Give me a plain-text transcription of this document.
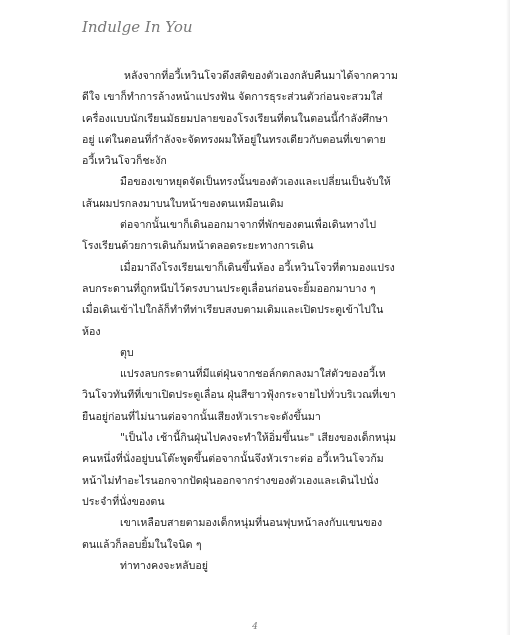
Indulge In You
หลังจากที่อวี้เหวินโจวดึงสติของตัวเองกลับคืนมาได้จากความ
ดีใจ เขาก็ทำการล้างหน้าแปรงฟัน จัดการธุระส่วนตัวก่อนจะสวมใส่
เครื่องแบบนักเรียนมัธยมปลายของโรงเรียนที่ตนในตอนนี้กำลังศึกษา
อยู่ แต่ในตอนที่กำลังจะจัดทรงผมให้อยู่ในทรงเดียวกับตอนที่เขาตาย
อวี้เหวินโจวก็ชะงัก
มือของเขาหยุดจัดเป็นทรงนั้นของตัวเองและเปลี่ยนเป็นจับให้
เส้นผมปรกลงมาบนใบหน้าของตนเหมือนเดิม
ต่อจากนั้นเขาก็เดินออกมาจากที่พักของตนเพื่อเดินทางไป
โรงเรียนด้วยการเดินก้มหน้าตลอดระยะทางการเดิน
เมื่อมาถึงโรงเรียนเขาก็เดินขึ้นห้อง อวี้เหวินโจวที่ตามองแปรง
ลบกระดานที่ถูกหนีบไว้ตรงบานประตูเลื่อนก่อนจะยิ้มออกมาบาง ๆ
เมื่อเดินเข้าไปใกล้ก็ทำทีท่าเรียบสงบตามเดิมและเปิดประตูเข้าไปใน
ห้อง
ตุบ
แปรงลบกระดานที่มีแต่ฝุ่นจากชอล์กตกลงมาใส่ตัวของอวี้เห
วินโจวทันทีที่เขาเปิดประตูเลื่อน ฝุ่นสีขาวฟุ้งกระจายไปทั่วบริเวณที่เขา
ยืนอยู่ก่อนที่ไม่นานต่อจากนั้นเสียงหัวเราะจะดังขึ้นมา
"เป็นไง เช้านี้กินฝุ่นไปคงจะทำให้อิ่มขึ้นนะ" เสียงของเด็กหนุ่ม
คนหนึ่งที่นั่งอยู่บนโต๊ะพูดขึ้นต่อจากนั้นจึงหัวเราะต่อ อวี้เหวินโจวก้ม
หน้าไม่ทำอะไรนอกจากปัดฝุ่นออกจากร่างของตัวเองและเดินไปนั่ง
ประจำที่นั่งของตน
เขาเหลือบสายตามองเด็กหนุ่มที่นอนฟุบหน้าลงกับแขนของ
ตนแล้วก็ลอบยิ้มในใจนิด ๆ
ท่าทางคงจะหลับอยู่
4
